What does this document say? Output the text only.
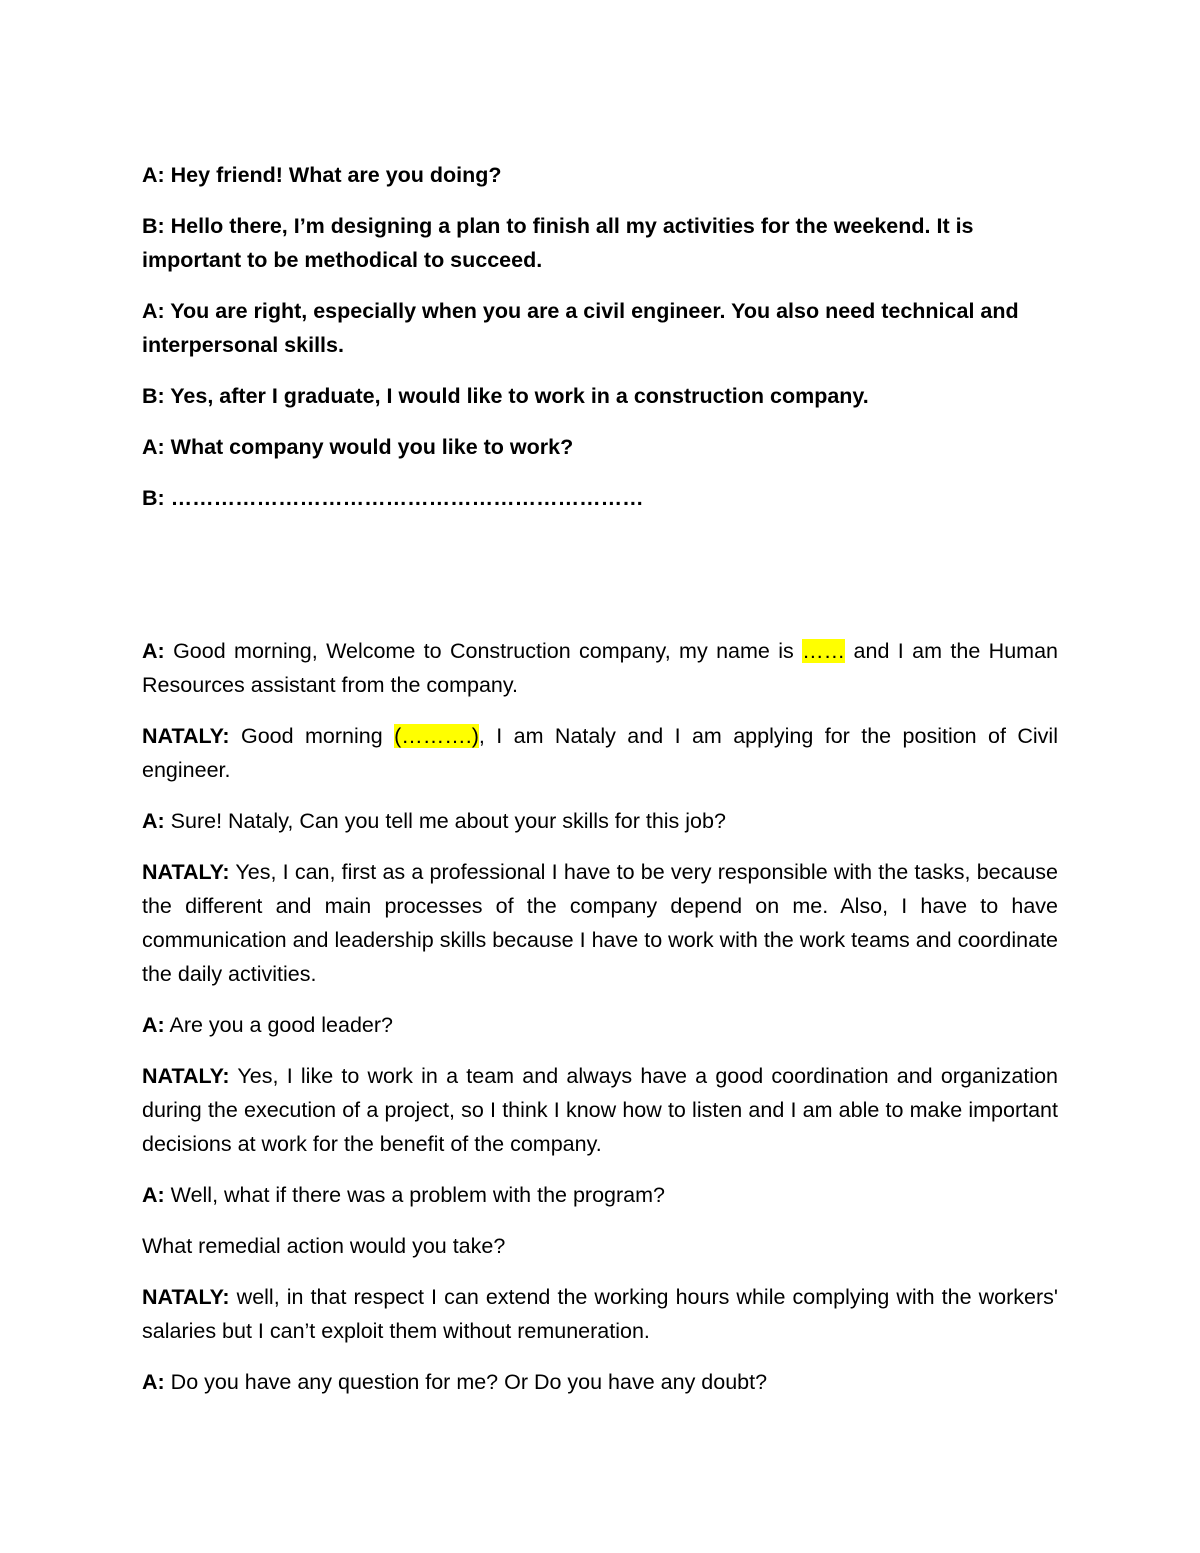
A: Hey friend! What are you doing?

B: Hello there, I’m designing a plan to finish all my activities for the weekend. It is important to be methodical to succeed.

A: You are right, especially when you are a civil engineer. You also need technical and interpersonal skills.

B: Yes, after I graduate, I would like to work in a construction company.

A: What company would you like to work?

B: …………………………………………………………

A: Good morning, Welcome to Construction company, my name is …… and I am the Human Resources assistant from the company.

NATALY: Good morning (……….), I am Nataly and I am applying for the position of Civil engineer.

A: Sure! Nataly, Can you tell me about your skills for this job?

NATALY: Yes, I can, first as a professional I have to be very responsible with the tasks, because the different and main processes of the company depend on me. Also, I have to have communication and leadership skills because I have to work with the work teams and coordinate the daily activities.

A: Are you a good leader?

NATALY: Yes, I like to work in a team and always have a good coordination and organization during the execution of a project, so I think I know how to listen and I am able to make important decisions at work for the benefit of the company.

A: Well, what if there was a problem with the program?

What remedial action would you take?

NATALY: well, in that respect I can extend the working hours while complying with the workers' salaries but I can’t exploit them without remuneration.

A: Do you have any question for me? Or Do you have any doubt?
